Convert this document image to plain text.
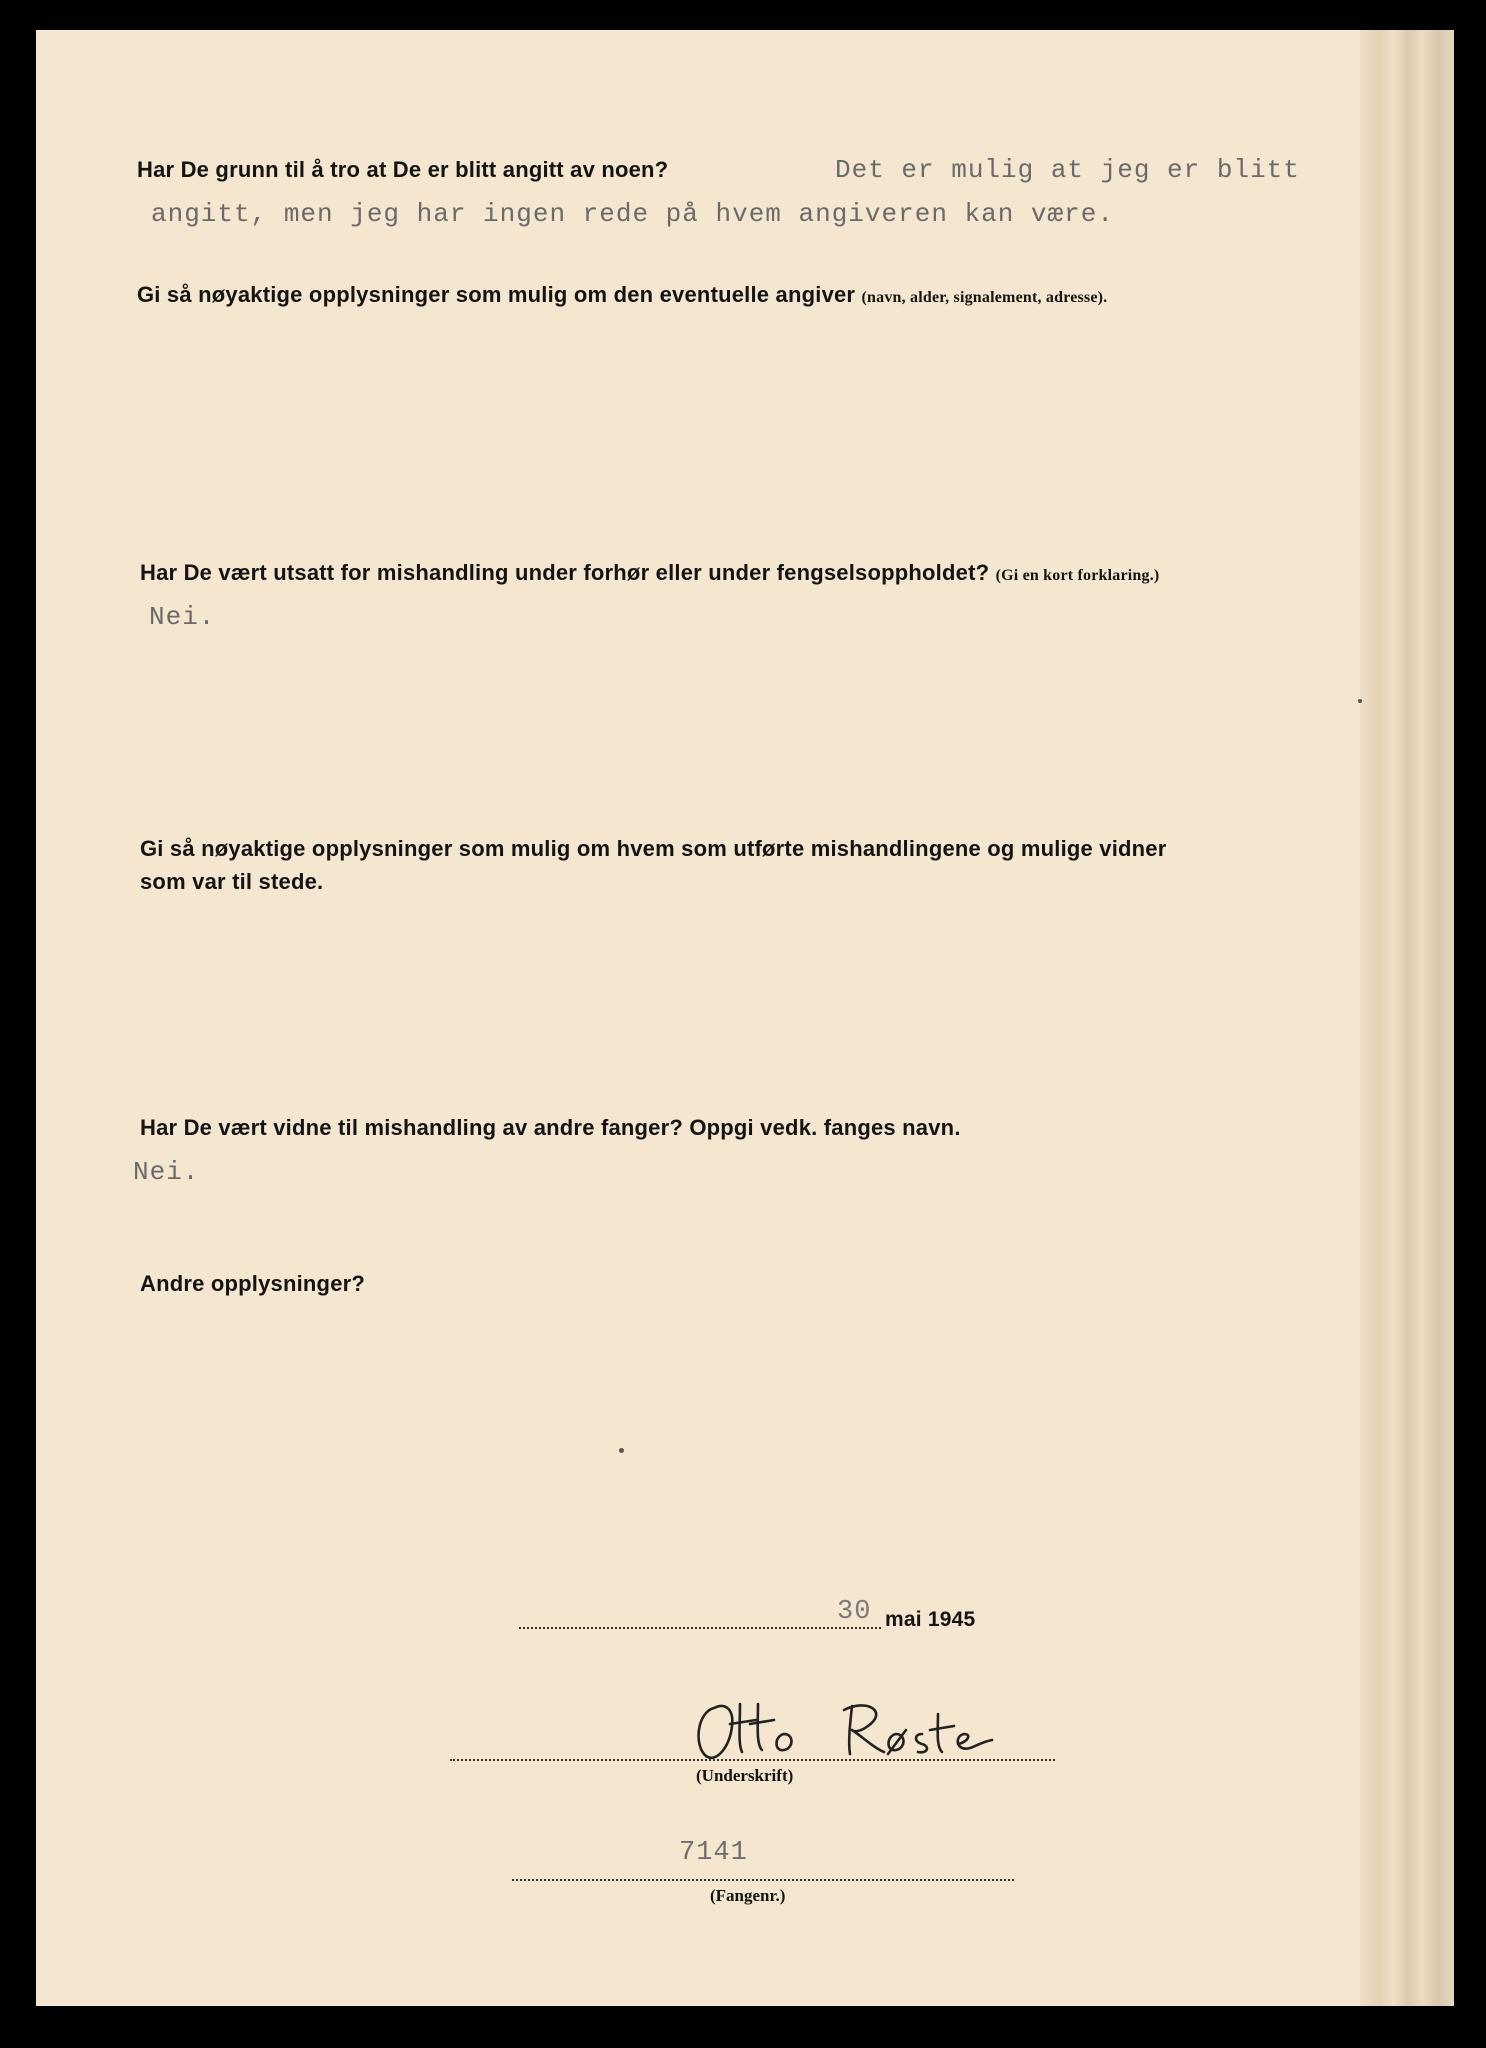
Har De grunn til å tro at De er blitt angitt av noen?	Det er mulig at jeg er blitt
angitt, men jeg har ingen rede på hvem angiveren kan være.
Gi så nøyaktige opplysninger som mulig om den eventuelle angiver (navn, alder, signalement, adresse).
Har De vært utsatt for mishandling under forhør eller under fengselsoppholdet? (Gi en kort forklaring.)
Nei.
Gi så nøyaktige opplysninger som mulig om hvem som utførte mishandlingene og mulige vidner
som var til stede.
Har De vært vidne til mishandling av andre fanger? Oppgi vedk. fanges navn.
Nei.
Andre opplysninger?
30 mai 1945
(Underskrift)
7141
(Fangenr.)
